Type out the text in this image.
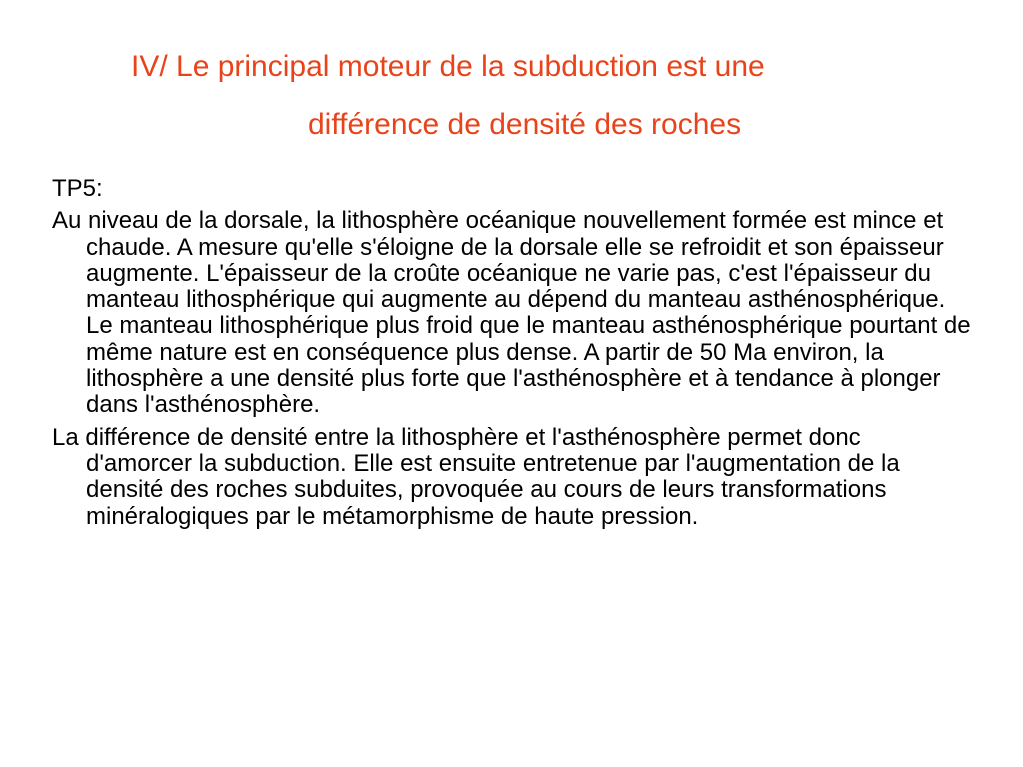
IV/ Le principal moteur de la subduction est une
différence de densité des roches

TP5:

Au niveau de la dorsale, la lithosphère océanique nouvellement formée est mince et chaude. A mesure qu'elle s'éloigne de la dorsale elle se refroidit et son épaisseur augmente. L'épaisseur de la croûte océanique ne varie pas, c'est l'épaisseur du manteau lithosphérique qui augmente au dépend du manteau asthénosphérique. Le manteau lithosphérique plus froid que le manteau asthénosphérique pourtant de même nature est en conséquence plus dense. A partir de 50 Ma environ, la lithosphère a une densité plus forte que l'asthénosphère et à tendance à plonger dans l'asthénosphère.

La différence de densité entre la lithosphère et l'asthénosphère permet donc d'amorcer la subduction. Elle est ensuite entretenue par l'augmentation de la densité des roches subduites, provoquée au cours de leurs transformations minéralogiques par le métamorphisme de haute pression.
